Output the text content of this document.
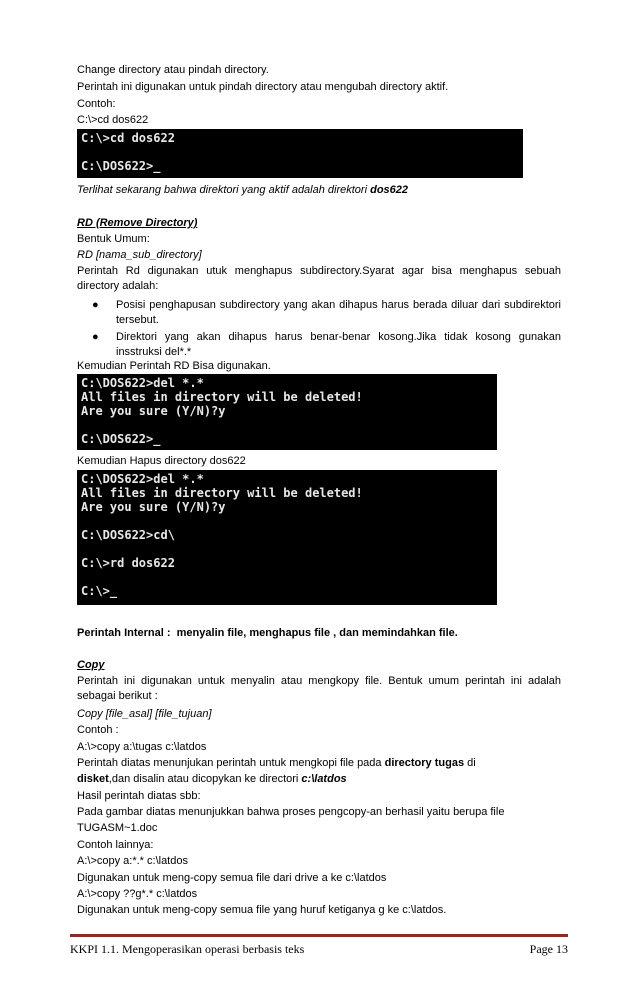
Change directory atau pindah directory.
Perintah ini digunakan untuk pindah directory atau mengubah directory aktif.
Contoh:
C:\>cd dos622
C:\>cd dos622
C:\DOS622>_
Terlihat sekarang bahwa direktori yang aktif adalah direktori dos622
RD (Remove Directory)
Bentuk Umum:
RD [nama_sub_directory]
Perintah Rd digunakan utuk menghapus subdirectory.Syarat agar bisa menghapus sebuah directory adalah:
● Posisi penghapusan subdirectory yang akan dihapus harus berada diluar dari subdirektori tersebut.
● Direktori yang akan dihapus harus benar-benar kosong.Jika tidak kosong gunakan insstruksi del*.*
Kemudian Perintah RD Bisa digunakan.
C:\DOS622>del *.*
All files in directory will be deleted!
Are you sure (Y/N)?y
C:\DOS622>_
Kemudian Hapus directory dos622
C:\DOS622>del *.*
All files in directory will be deleted!
Are you sure (Y/N)?y
C:\DOS622>cd\
C:\>rd dos622
C:\>_
Perintah Internal : menyalin file, menghapus file , dan memindahkan file.
Copy
Perintah ini digunakan untuk menyalin atau mengkopy file. Bentuk umum perintah ini adalah sebagai berikut :
Copy [file_asal] [file_tujuan]
Contoh :
A:\>copy a:\tugas c:\latdos
Perintah diatas menunjukan perintah untuk mengkopi file pada directory tugas di
disket,dan disalin atau dicopykan ke directori c:\latdos
Hasil perintah diatas sbb:
Pada gambar diatas menunjukkan bahwa proses pengcopy-an berhasil yaitu berupa file
TUGASM~1.doc
Contoh lainnya:
A:\>copy a:*.* c:\latdos
Digunakan untuk meng-copy semua file dari drive a ke c:\latdos
A:\>copy ??g*.* c:\latdos
Digunakan untuk meng-copy semua file yang huruf ketiganya g ke c:\latdos.
KKPI 1.1. Mengoperasikan operasi berbasis teks	Page 13
